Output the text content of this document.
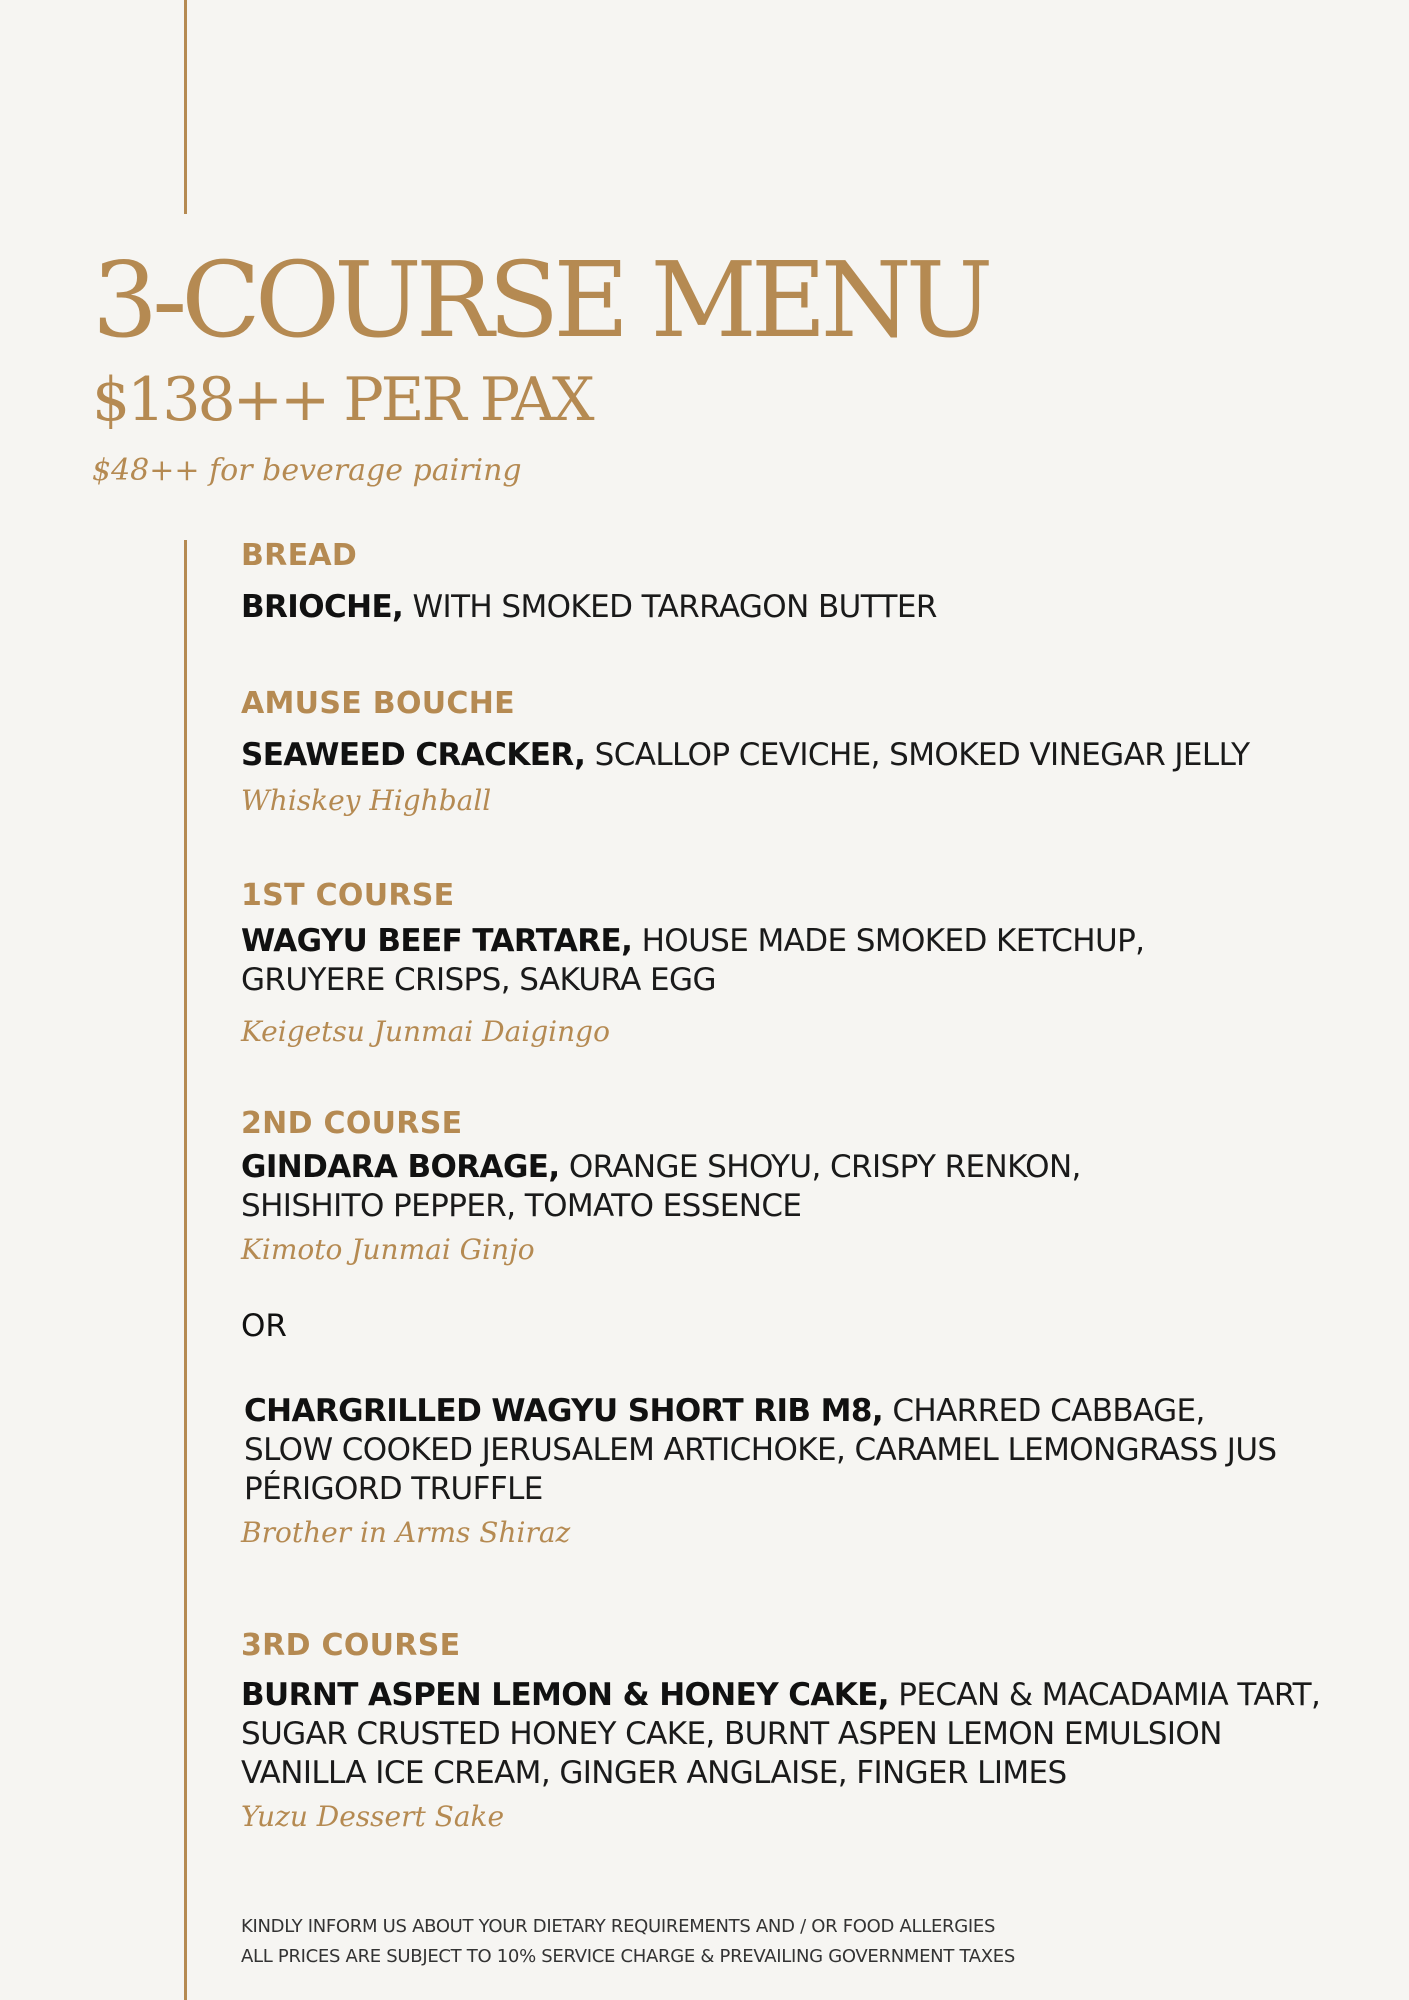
3-COURSE MENU
$138++ PER PAX

$48++ for beverage pairing

BREAD

BRIOCHE, WITH SMOKED TARRAGON BUTTER

AMUSE BOUCHE

SEAWEED CRACKER, SCALLOP CEVICHE, SMOKED VINEGAR JELLY

Whiskey Highball

1ST COURSE

WAGYU BEEF TARTARE, HOUSE MADE SMOKED KETCHUP,
GRUYERE CRISPS, SAKURA EGG

Keigetsu Junmai Daigingo

2ND COURSE

GINDARA BORAGE, ORANGE SHOYU, CRISPY RENKON,
SHISHITO PEPPER, TOMATO ESSENCE

Kimoto Junmai Ginjo

OR

CHARGRILLED WAGYU SHORT RIB M8, CHARRED CABBAGE,
SLOW COOKED JERUSALEM ARTICHOKE, CARAMEL LEMONGRASS JUS
PÉRIGORD TRUFFLE

Brother in Arms Shiraz

3RD COURSE

BURNT ASPEN LEMON & HONEY CAKE, PECAN & MACADAMIA TART,
SUGAR CRUSTED HONEY CAKE, BURNT ASPEN LEMON EMULSION
VANILLA ICE CREAM, GINGER ANGLAISE, FINGER LIMES

Yuzu Dessert Sake

KINDLY INFORM US ABOUT YOUR DIETARY REQUIREMENTS AND / OR FOOD ALLERGIES
ALL PRICES ARE SUBJECT TO 10% SERVICE CHARGE & PREVAILING GOVERNMENT TAXES
